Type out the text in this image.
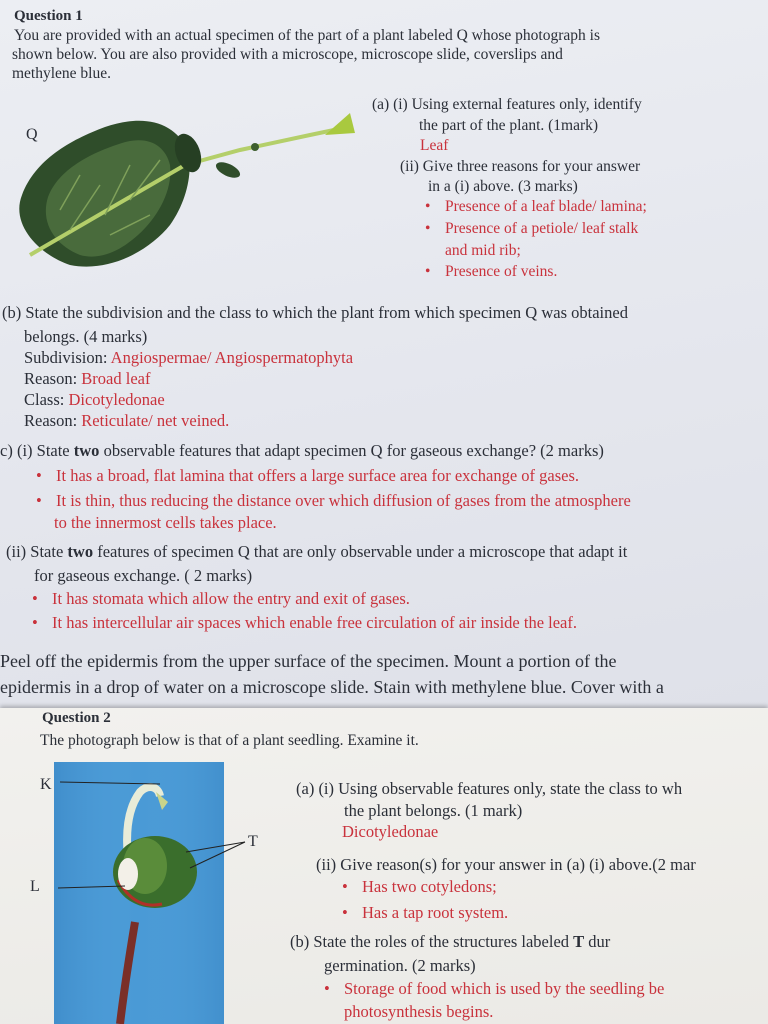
Question 1
You are provided with an actual specimen of the part of a plant labeled Q whose photograph is
shown below. You are also provided with a microscope, microscope slide, coverslips and
methylene blue.
Q
(a) (i) Using external features only, identify
the part of the plant. (1mark)
Leaf
(ii) Give three reasons for your answer
in a (i) above. (3 marks)
• Presence of a leaf blade/ lamina;
• Presence of a petiole/ leaf stalk
and mid rib;
• Presence of veins.
(b) State the subdivision and the class to which the plant from which specimen Q was obtained
belongs. (4 marks)
Subdivision: Angiospermae/ Angiospermatophyta
Reason: Broad leaf
Class: Dicotyledonae
Reason: Reticulate/ net veined.
c) (i) State two observable features that adapt specimen Q for gaseous exchange? (2 marks)
• It has a broad, flat lamina that offers a large surface area for exchange of gases.
• It is thin, thus reducing the distance over which diffusion of gases from the atmosphere
to the innermost cells takes place.
(ii) State two features of specimen Q that are only observable under a microscope that adapt it
for gaseous exchange. ( 2 marks)
• It has stomata which allow the entry and exit of gases.
• It has intercellular air spaces which enable free circulation of air inside the leaf.
Peel off the epidermis from the upper surface of the specimen. Mount a portion of the
epidermis in a drop of water on a microscope slide. Stain with methylene blue. Cover with a
Question 2
The photograph below is that of a plant seedling. Examine it.
K
L
T
(a) (i) Using observable features only, state the class to wh
the plant belongs. (1 mark)
Dicotyledonae
(ii) Give reason(s) for your answer in (a) (i) above.(2 mar
• Has two cotyledons;
• Has a tap root system.
(b) State the roles of the structures labeled T dur
germination. (2 marks)
• Storage of food which is used by the seedling be
photosynthesis begins.
